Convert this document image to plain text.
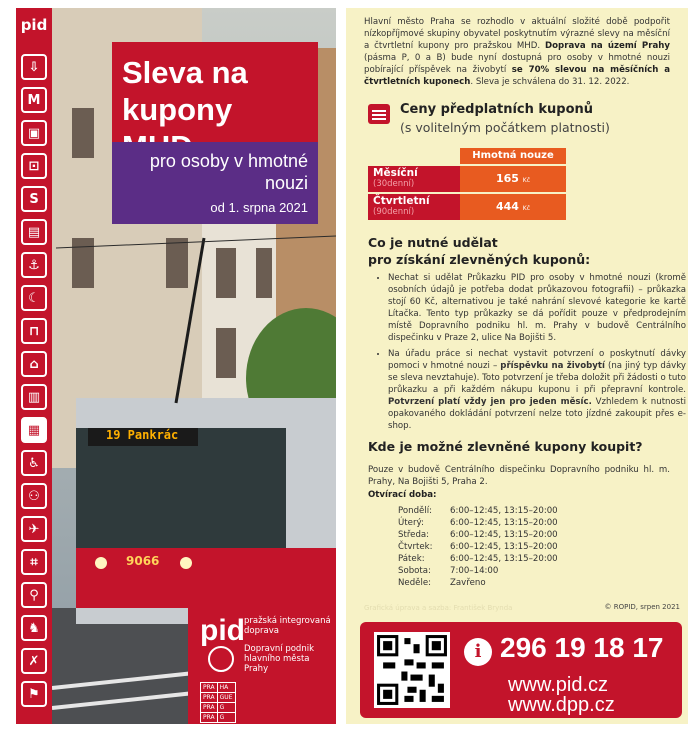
19 Pankrác
9066
pid
⇩
M
▣
⊡
S
▤
⚓
☾
⊓
⌂
▥
▦
♿
⚇
✈
⌗
⚲
♞
✗
⚑
Sleva na kupony
pro osoby v hmotné nouzi
od 1. srpna 2021
pid pražská integrovaná doprava
Dopravní podnik hlavního města Prahy
PRA	HA
PRA	GUE
PRA	G
PRA	G
Hlavní město Praha se rozhodlo v aktuální složité době podpořit nízkopříjmové skupiny obyvatel poskytnutím výrazné slevy na měsíční a čtvrtletní kupony pro pražskou MHD. Doprava na území Prahy (pásma P, 0 a B) bude nyní dostupná pro osoby v hmotné nouzi pobírající příspěvek na živobytí se 70% slevou na měsíčních a čtvrtletních kuponech. Sleva je schválena do 31. 12. 2022.
Ceny předplatních kuponů
(s volitelným počátkem platnosti)
Hmotná nouze
Měsíční
(30denní)	165 Kč
Čtvrtletní
(90denní)	444 Kč
Co je nutné udělat
pro získání zlevněných kuponů:
• Nechat si udělat Průkazku PID pro osoby v hmotné nouzi (kromě osobních údajů je potřeba dodat průkazovou fotografii) – průkazka stojí 60 Kč, alternativou je také nahrání slevové kategorie ke kartě Lítačka. Tento typ průkazky se dá pořídit pouze v předprodejním místě Dopravního podniku hl. m. Prahy v budově Centrálního dispečinku v Praze 2, ulice Na Bojišti 5.
• Na úřadu práce si nechat vystavit potvrzení o poskytnutí dávky pomoci v hmotné nouzi – příspěvku na živobytí (na jiný typ dávky se sleva nevztahuje). Toto potvrzení je třeba doložit při žádosti o tuto průkazku a při každém nákupu kuponu i při přepravní kontrole. Potvrzení platí vždy jen pro jeden měsíc. Vzhledem k nutnosti opakovaného dokládání potvrzení nelze toto jízdné zakoupit přes e-shop.
Kde je možné zlevněné kupony koupit?
Pouze v budově Centrálního dispečinku Dopravního podniku hl. m. Prahy, Na Bojišti 5, Praha 2.
Otvírací doba:
Pondělí:	6:00–12:45, 13:15–20:00
Úterý:	6:00–12:45, 13:15–20:00
Středa:	6:00–12:45, 13:15–20:00
Čtvrtek:	6:00–12:45, 13:15–20:00
Pátek:	6:00–12:45, 13:15–20:00
Sobota:	7:00–14:00
Neděle:	Zavřeno
Grafická úprava a sazba: František Brynda	© ROPID, srpen 2021
i 296 19 18 17
www.pid.cz
www.dpp.cz
